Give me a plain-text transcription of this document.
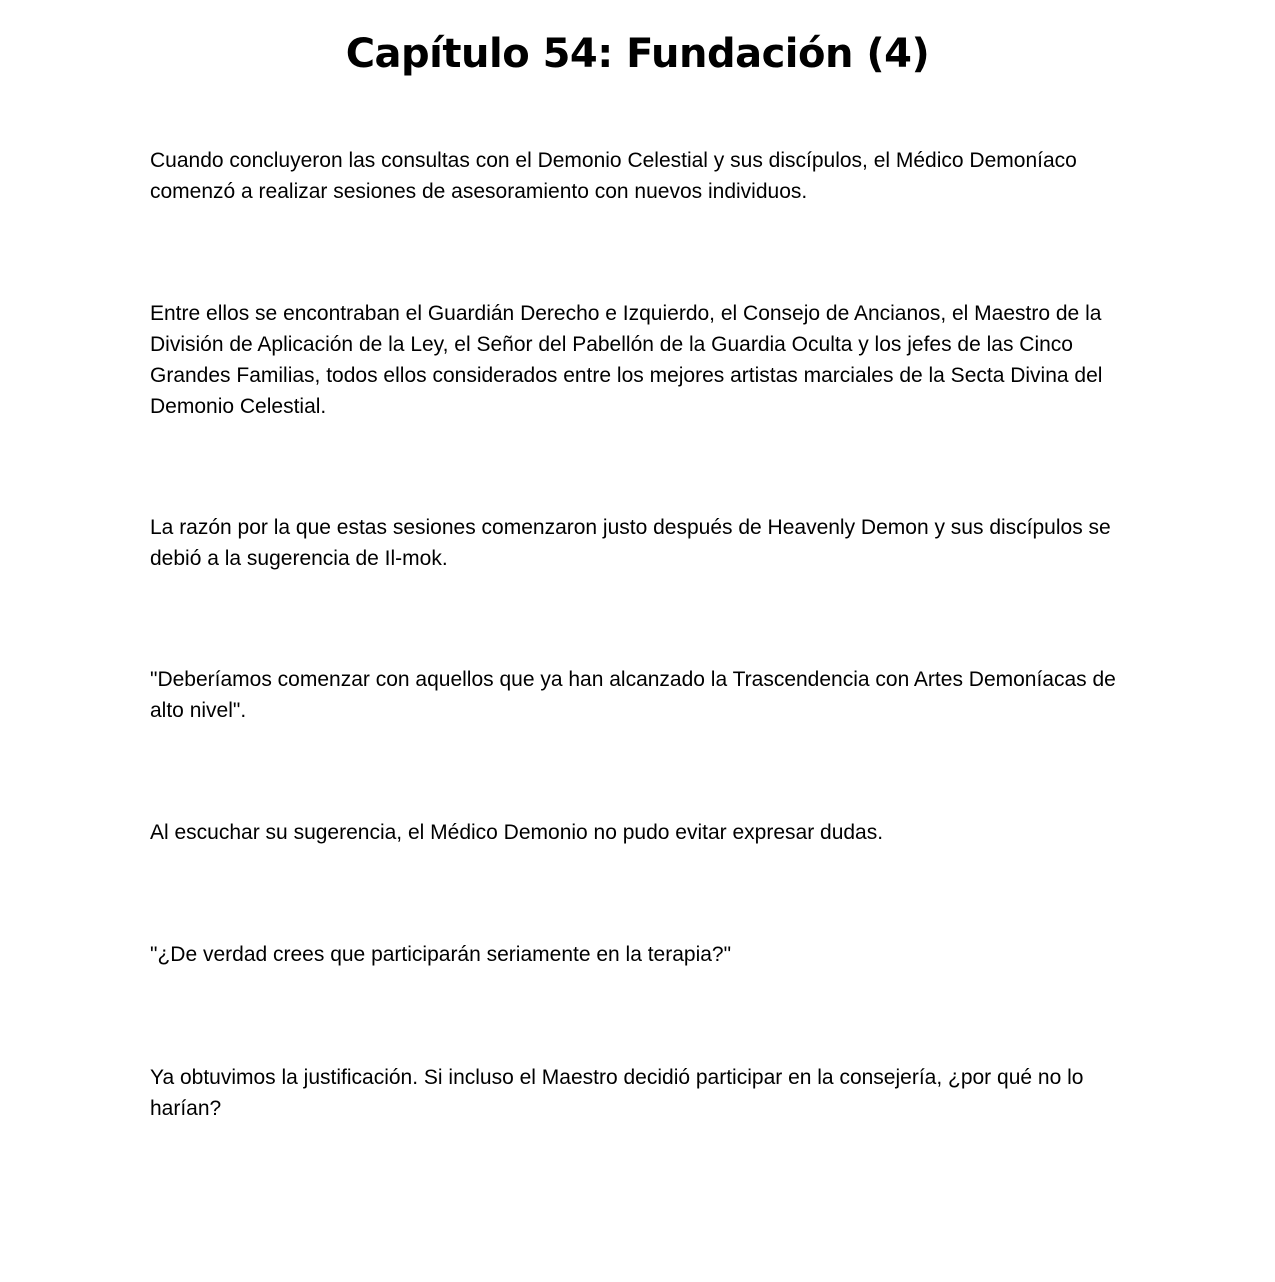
Capítulo 54: Fundación (4)

Cuando concluyeron las consultas con el Demonio Celestial y sus discípulos, el Médico Demoníaco comenzó a realizar sesiones de asesoramiento con nuevos individuos.

Entre ellos se encontraban el Guardián Derecho e Izquierdo, el Consejo de Ancianos, el Maestro de la División de Aplicación de la Ley, el Señor del Pabellón de la Guardia Oculta y los jefes de las Cinco Grandes Familias, todos ellos considerados entre los mejores artistas marciales de la Secta Divina del Demonio Celestial.

La razón por la que estas sesiones comenzaron justo después de Heavenly Demon y sus discípulos se debió a la sugerencia de Il-mok.

"Deberíamos comenzar con aquellos que ya han alcanzado la Trascendencia con Artes Demoníacas de alto nivel".

Al escuchar su sugerencia, el Médico Demonio no pudo evitar expresar dudas.

"¿De verdad crees que participarán seriamente en la terapia?"

Ya obtuvimos la justificación. Si incluso el Maestro decidió participar en la consejería, ¿por qué no lo harían?
